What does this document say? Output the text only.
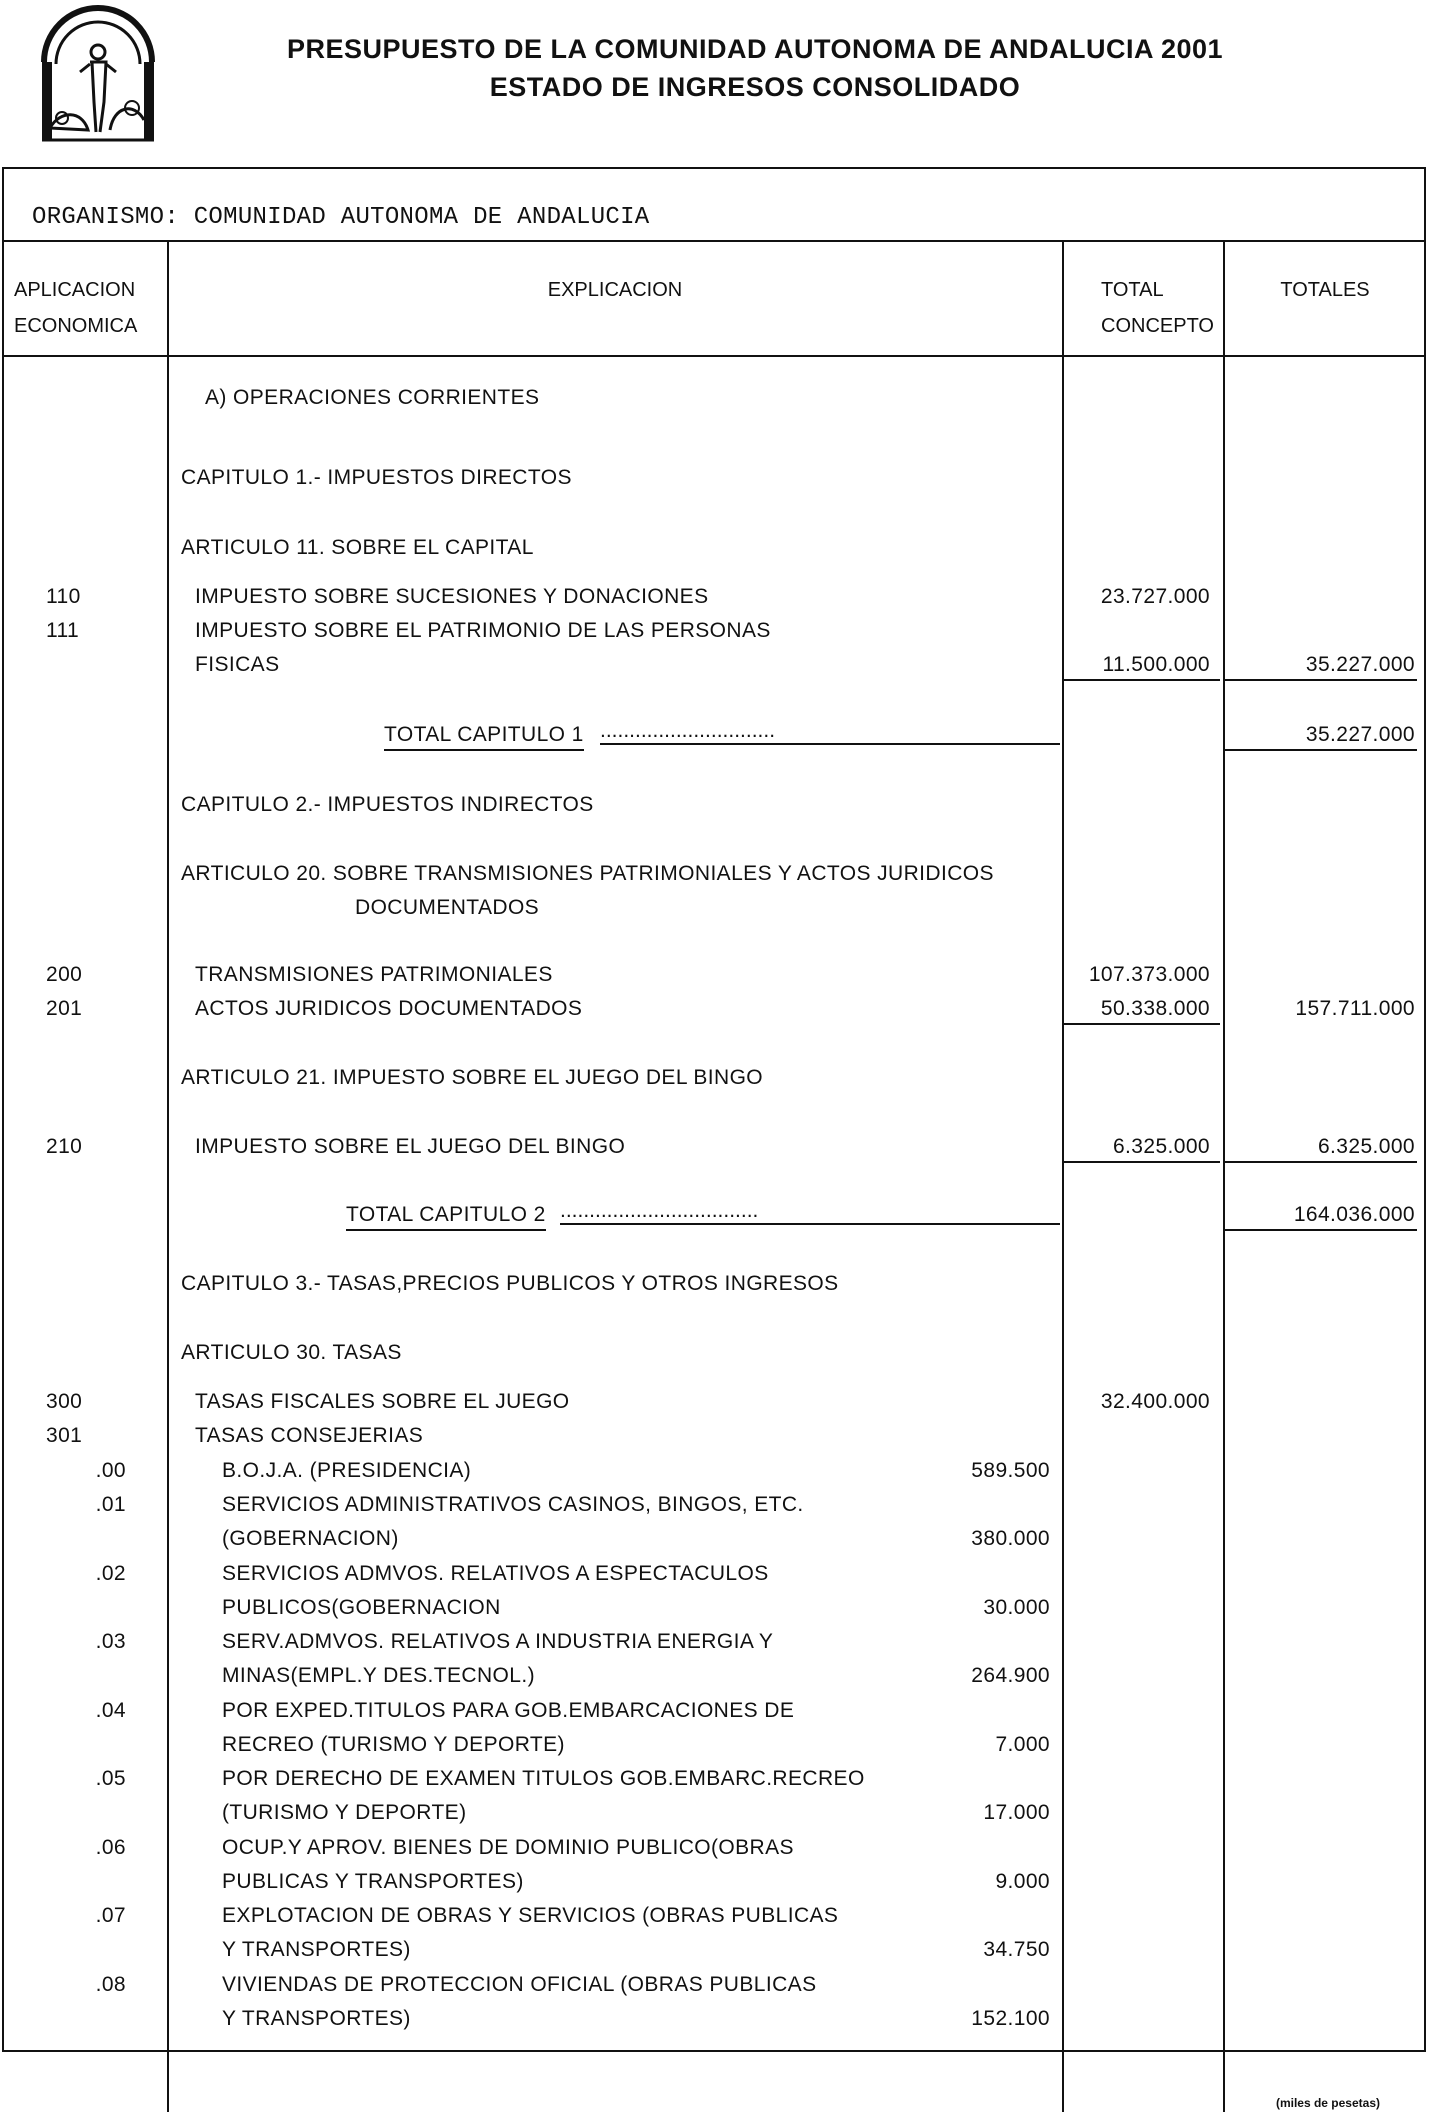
PRESUPUESTO DE LA COMUNIDAD AUTONOMA DE ANDALUCIA 2001
ESTADO DE INGRESOS CONSOLIDADO
ORGANISMO: COMUNIDAD AUTONOMA DE ANDALUCIA
APLICACION
ECONOMICA
EXPLICACION	TOTAL
CONCEPTO
TOTALES
A) OPERACIONES CORRIENTES
CAPITULO 1.- IMPUESTOS DIRECTOS
ARTICULO 11. SOBRE EL CAPITAL
110	IMPUESTO SOBRE SUCESIONES Y DONACIONES	23.727.000
111	IMPUESTO SOBRE EL PATRIMONIO DE LAS PERSONAS
FISICAS	11.500.000	35.227.000
TOTAL CAPITULO 1 ..............................	35.227.000
CAPITULO 2.- IMPUESTOS INDIRECTOS
ARTICULO 20. SOBRE TRANSMISIONES PATRIMONIALES Y ACTOS JURIDICOS
DOCUMENTADOS
200	TRANSMISIONES PATRIMONIALES	107.373.000
201	ACTOS JURIDICOS DOCUMENTADOS	50.338.000	157.711.000
ARTICULO 21. IMPUESTO SOBRE EL JUEGO DEL BINGO
210	IMPUESTO SOBRE EL JUEGO DEL BINGO	6.325.000	6.325.000
TOTAL CAPITULO 2 ..................................	164.036.000
CAPITULO 3.- TASAS,PRECIOS PUBLICOS Y OTROS INGRESOS
ARTICULO 30. TASAS
300	TASAS FISCALES SOBRE EL JUEGO	32.400.000
301	TASAS CONSEJERIAS
.00	B.O.J.A. (PRESIDENCIA)	589.500
.01	SERVICIOS ADMINISTRATIVOS CASINOS, BINGOS, ETC.
(GOBERNACION)	380.000
.02	SERVICIOS ADMVOS. RELATIVOS A ESPECTACULOS
PUBLICOS(GOBERNACION	30.000
.03	SERV.ADMVOS. RELATIVOS A INDUSTRIA ENERGIA Y
MINAS(EMPL.Y DES.TECNOL.)	264.900
.04	POR EXPED.TITULOS PARA GOB.EMBARCACIONES DE
RECREO (TURISMO Y DEPORTE)	7.000
.05	POR DERECHO DE EXAMEN TITULOS GOB.EMBARC.RECREO
(TURISMO Y DEPORTE)	17.000
.06	OCUP.Y APROV. BIENES DE DOMINIO PUBLICO(OBRAS
PUBLICAS Y TRANSPORTES)	9.000
.07	EXPLOTACION DE OBRAS Y SERVICIOS (OBRAS PUBLICAS
Y TRANSPORTES)	34.750
.08	VIVIENDAS DE PROTECCION OFICIAL (OBRAS PUBLICAS
Y TRANSPORTES)	152.100
(miles de pesetas)
